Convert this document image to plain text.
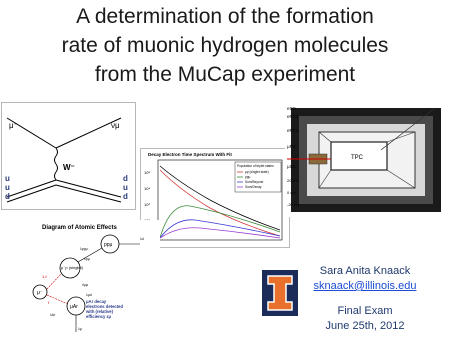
A determination of the formation
rate of muonic hydrogen molecules
from the MuCap experiment
μ⁻	νμ
W⁻
u
u
d
d
u
d
Decay Electron Time Spectrum With Fit
10⁵
10⁴
10³
Population of triplet states
μp (singlet state)
ppμ
Sum/Beyond
Sum/Decay
TPC
eSC
ePC2
ePC1
μPC
μSC
20 cm
0 cm
-20 cm
Diagram of Atomic Effects
ppμ
μ⁻p (singlet)
μ⁻
μAr
μAr decay
electrons detected
with (relative)
efficiency εμ
λppμ
λpμ
λd
λAr
Λpμ
λμd
λμ
1-f
f
Sara Anita Knaack
sknaack@illinois.edu
Final Exam
June 25th, 2012
